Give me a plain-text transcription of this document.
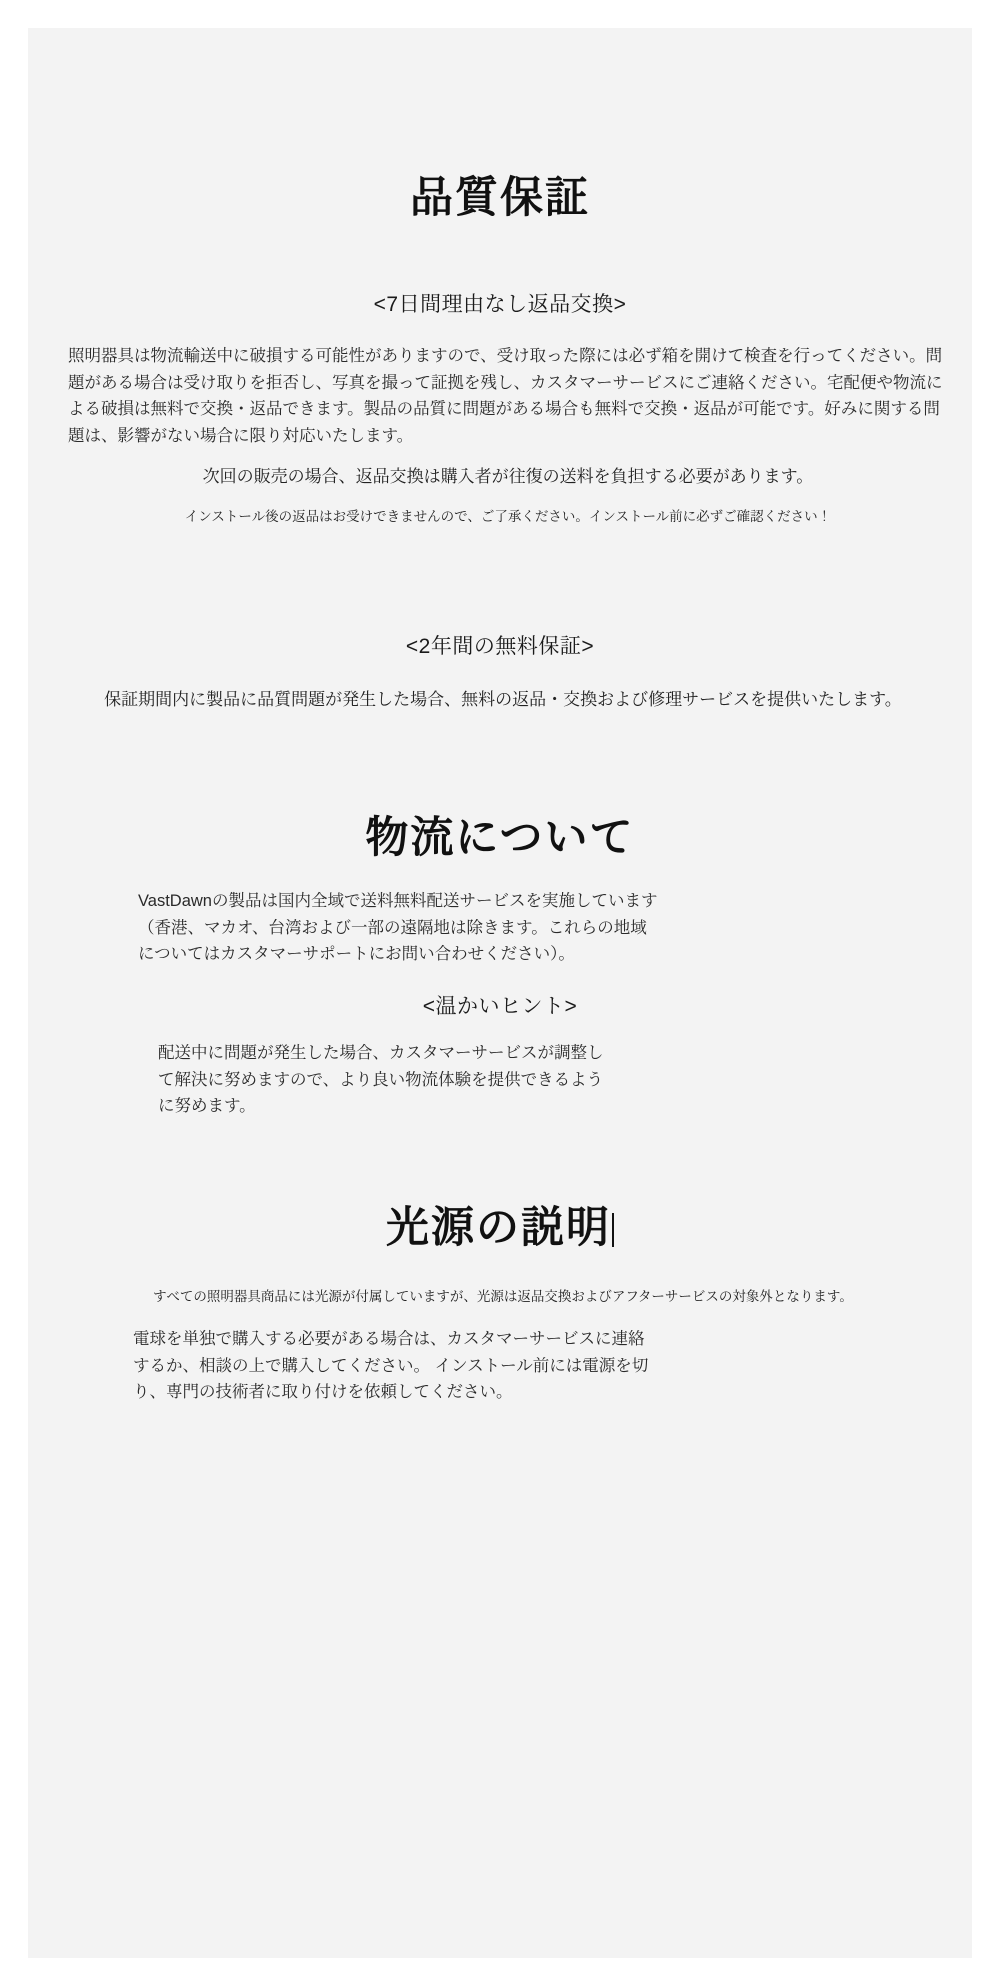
品質保証
<7日間理由なし返品交換>
照明器具は物流輸送中に破損する可能性がありますので、受け取った際には必ず箱を開けて検査を行ってください。問題がある場合は受け取りを拒否し、写真を撮って証拠を残し、カスタマーサービスにご連絡ください。宅配便や物流による破損は無料で交換・返品できます。製品の品質に問題がある場合も無料で交換・返品が可能です。好みに関する問題は、影響がない場合に限り対応いたします。
次回の販売の場合、返品交換は購入者が往復の送料を負担する必要があります。
インストール後の返品はお受けできませんので、ご了承ください。インストール前に必ずご確認ください！
<2年間の無料保証>
保証期間内に製品に品質問題が発生した場合、無料の返品・交換および修理サービスを提供いたします。
物流について
VastDawnの製品は国内全域で送料無料配送サービスを実施しています（香港、マカオ、台湾および一部の遠隔地は除きます。これらの地域についてはカスタマーサポートにお問い合わせください）。
<温かいヒント>
配送中に問題が発生した場合、カスタマーサービスが調整して解決に努めますので、より良い物流体験を提供できるように努めます。
光源の説明
すべての照明器具商品には光源が付属していますが、光源は返品交換およびアフターサービスの対象外となります。
電球を単独で購入する必要がある場合は、カスタマーサービスに連絡するか、相談の上で購入してください。 インストール前には電源を切り、専門の技術者に取り付けを依頼してください。
